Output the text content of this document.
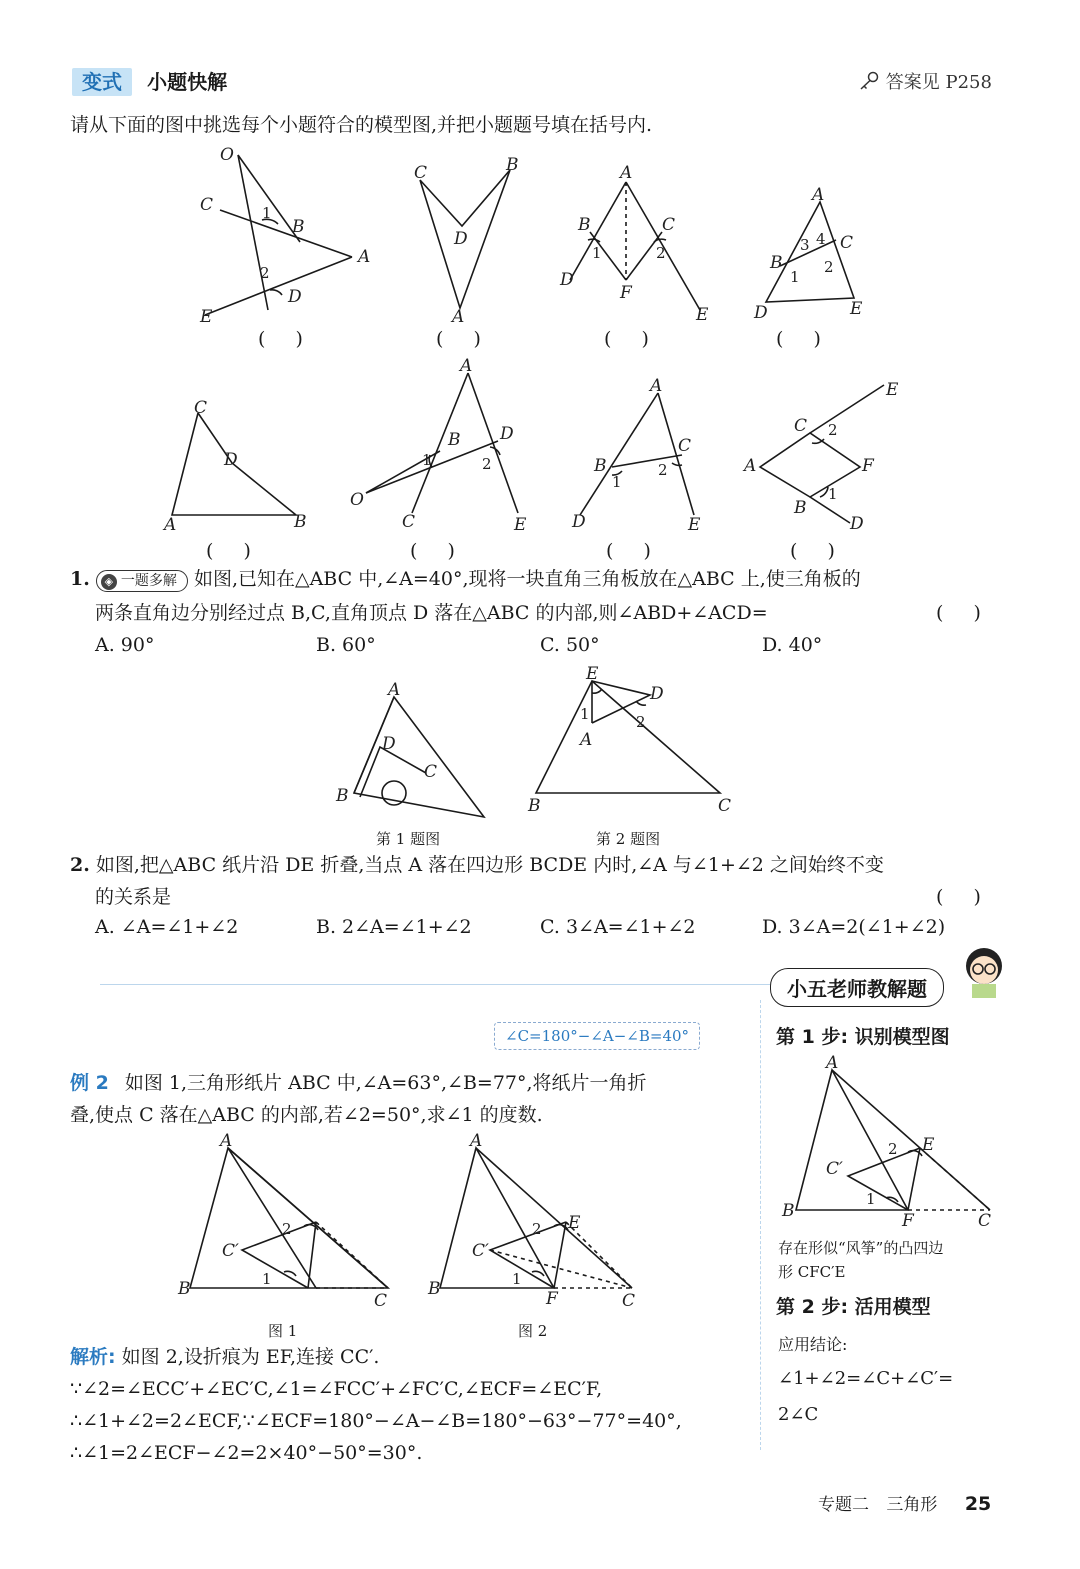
变式 小题快解	答案见 P258
请从下面的图中挑选每个小题符合的模型图,并把小题题号填在括号内.
O
C
B
A
D
E
1
2
C	B
D
A
A
B	C
D
F
E
1	2
A
B
C
D	E
3 4
1
2
( )	( )	( )	( )
C
D
A	B
A
B D
O
C	E
1	2
A
B
C
D	E
1
2
E
C
A	F
B
D
2
1
( )	( )	( )	( )
1. ◈ 一题多解 如图,已知在△ABC 中,∠A=40°,现将一块直角三角板放在△ABC 上,使三角板的
两条直角边分别经过点 B,C,直角顶点 D 落在△ABC 的内部,则∠ABD+∠ACD=	( )
A. 90°	B. 60°	C. 50°	D. 40°
A
D
C
B
E
D
A
B	C
1	2
第 1 题图	第 2 题图
2. 如图,把△ABC 纸片沿 DE 折叠,当点 A 落在四边形 BCDE 内时,∠A 与∠1+∠2 之间始终不变
的关系是	( )
A. ∠A=∠1+∠2	B. 2∠A=∠1+∠2	C. 3∠A=∠1+∠2	D. 3∠A=2(∠1+∠2)
小五老师教解题
∠C=180°−∠A−∠B=40°
例 2 如图 1,三角形纸片 ABC 中,∠A=63°,∠B=77°,将纸片一角折
叠,使点 C 落在△ABC 的内部,若∠2=50°,求∠1 的度数.
A
B
C′
C
2
1
A
B
C′
E
F	C
2
1
图 1	图 2
解析: 如图 2,设折痕为 EF,连接 CC′.
∵∠2=∠ECC′+∠EC′C,∠1=∠FCC′+∠FC′C,∠ECF=∠EC′F,
∴∠1+∠2=2∠ECF,∵∠ECF=180°−∠A−∠B=180°−63°−77°=40°,
∴∠1=2∠ECF−∠2=2×40°−50°=30°.
第 1 步: 识别模型图
A
B
C′
E
F	C
2
1
存在形似“风筝”的凸四边
形 CFC′E
第 2 步: 活用模型
应用结论:
∠1+∠2=∠C+∠C′=
2∠C
专题二 三角形 25
